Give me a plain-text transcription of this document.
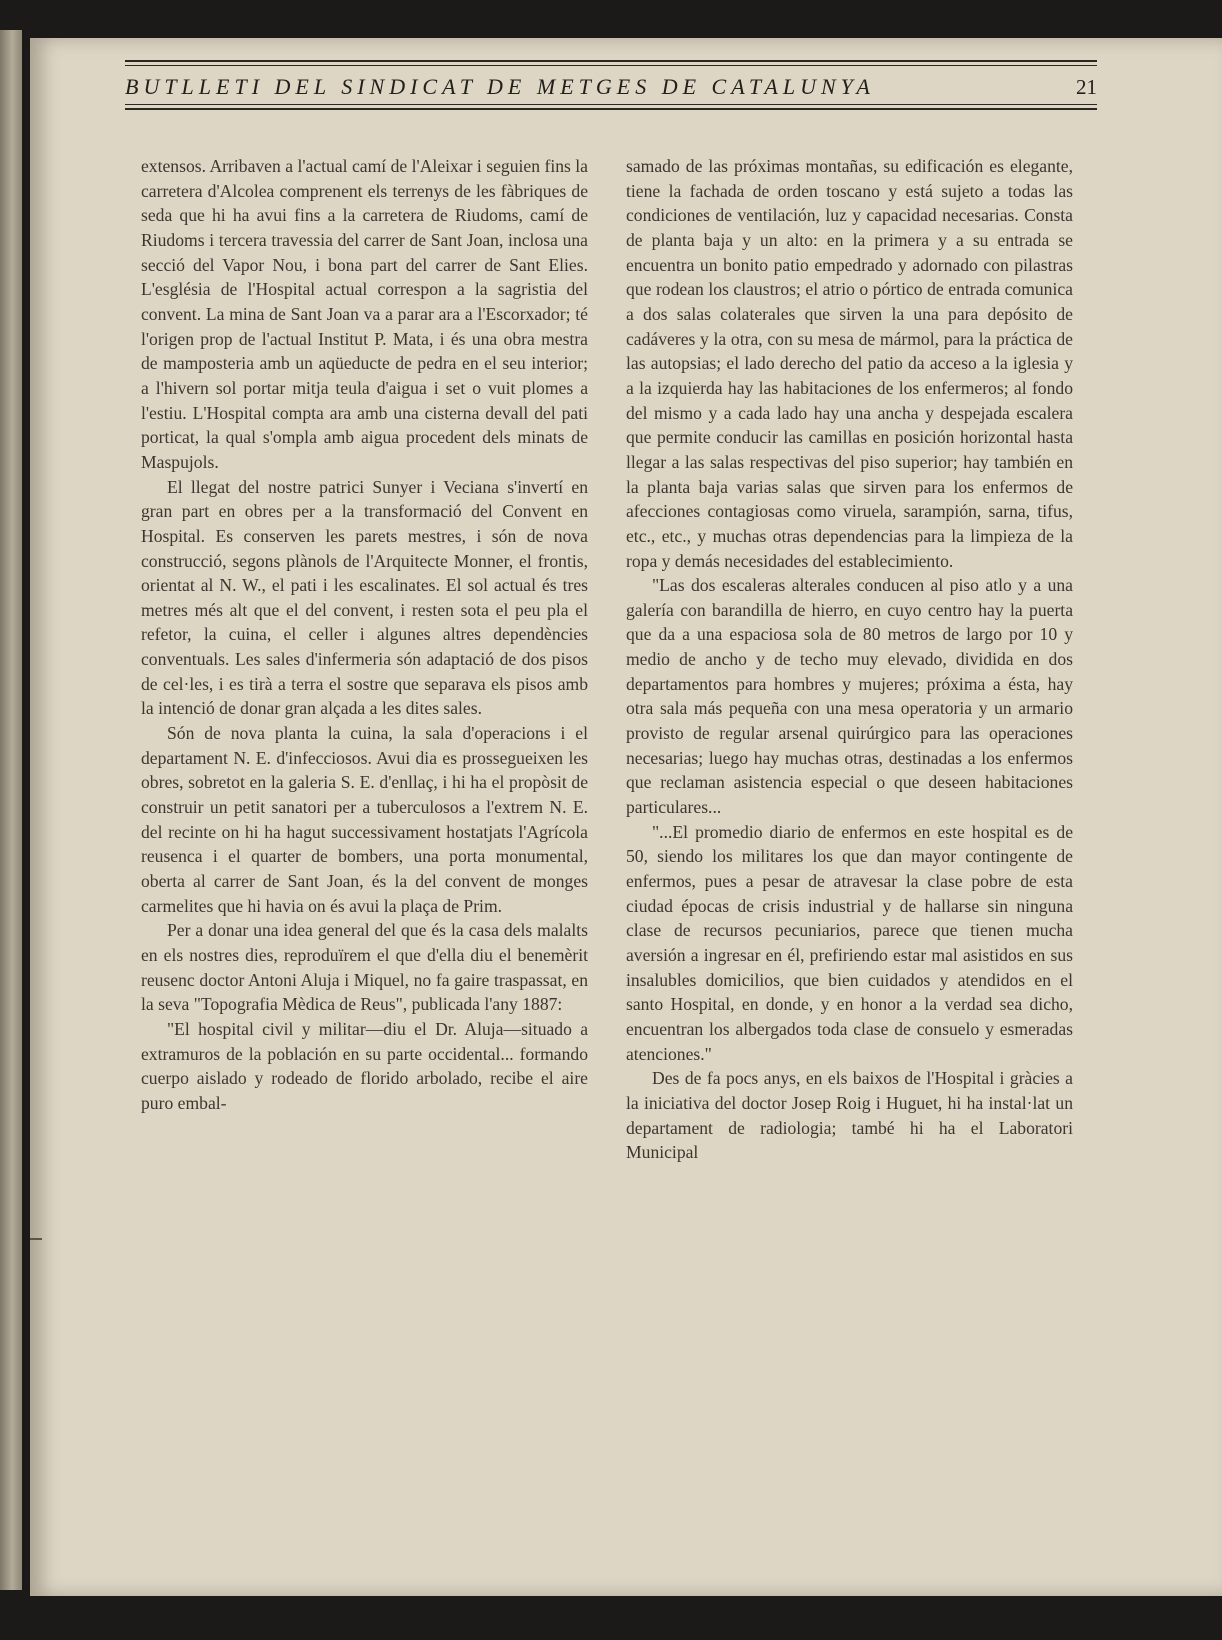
BUTLLETI DEL SINDICAT DE METGES DE CATALUNYA	21

extensos. Arribaven a l'actual camí de l'Aleixar i seguien fins la carretera d'Alcolea comprenent els terrenys de les fàbriques de seda que hi ha avui fins a la carretera de Riudoms, camí de Riudoms i tercera travessia del carrer de Sant Joan, inclosa una secció del Vapor Nou, i bona part del carrer de Sant Elies. L'església de l'Hospital actual correspon a la sagristia del convent. La mina de Sant Joan va a parar ara a l'Escorxador; té l'origen prop de l'actual Institut P. Mata, i és una obra mestra de mamposteria amb un aqüeducte de pedra en el seu interior; a l'hivern sol portar mitja teula d'aigua i set o vuit plomes a l'estiu. L'Hospital compta ara amb una cisterna devall del pati porticat, la qual s'ompla amb aigua procedent dels minats de Maspujols.

El llegat del nostre patrici Sunyer i Veciana s'invertí en gran part en obres per a la transformació del Convent en Hospital. Es conserven les parets mestres, i són de nova construcció, segons plànols de l'Arquitecte Monner, el frontis, orientat al N. W., el pati i les escalinates. El sol actual és tres metres més alt que el del convent, i resten sota el peu pla el refetor, la cuina, el celler i algunes altres dependències conventuals. Les sales d'infermeria són adaptació de dos pisos de cel·les, i es tirà a terra el sostre que separava els pisos amb la intenció de donar gran alçada a les dites sales.

Són de nova planta la cuina, la sala d'operacions i el departament N. E. d'infecciosos. Avui dia es prossegueixen les obres, sobretot en la galeria S. E. d'enllaç, i hi ha el propòsit de construir un petit sanatori per a tuberculosos a l'extrem N. E. del recinte on hi ha hagut successivament hostatjats l'Agrícola reusenca i el quarter de bombers, una porta monumental, oberta al carrer de Sant Joan, és la del convent de monges carmelites que hi havia on és avui la plaça de Prim.

Per a donar una idea general del que és la casa dels malalts en els nostres dies, reproduïrem el que d'ella diu el benemèrit reusenc doctor Antoni Aluja i Miquel, no fa gaire traspassat, en la seva "Topografia Mèdica de Reus", publicada l'any 1887:

"El hospital civil y militar—diu el Dr. Aluja—situado a extramuros de la población en su parte occidental... formando cuerpo aislado y rodeado de florido arbolado, recibe el aire puro embal-

samado de las próximas montañas, su edificación es elegante, tiene la fachada de orden toscano y está sujeto a todas las condiciones de ventilación, luz y capacidad necesarias. Consta de planta baja y un alto: en la primera y a su entrada se encuentra un bonito patio empedrado y adornado con pilastras que rodean los claustros; el atrio o pórtico de entrada comunica a dos salas colaterales que sirven la una para depósito de cadáveres y la otra, con su mesa de mármol, para la práctica de las autopsias; el lado derecho del patio da acceso a la iglesia y a la izquierda hay las habitaciones de los enfermeros; al fondo del mismo y a cada lado hay una ancha y despejada escalera que permite conducir las camillas en posición horizontal hasta llegar a las salas respectivas del piso superior; hay también en la planta baja varias salas que sirven para los enfermos de afecciones contagiosas como viruela, sarampión, sarna, tifus, etc., etc., y muchas otras dependencias para la limpieza de la ropa y demás necesidades del establecimiento.

"Las dos escaleras alterales conducen al piso atlo y a una galería con barandilla de hierro, en cuyo centro hay la puerta que da a una espaciosa sola de 80 metros de largo por 10 y medio de ancho y de techo muy elevado, dividida en dos departamentos para hombres y mujeres; próxima a ésta, hay otra sala más pequeña con una mesa operatoria y un armario provisto de regular arsenal quirúrgico para las operaciones necesarias; luego hay muchas otras, destinadas a los enfermos que reclaman asistencia especial o que deseen habitaciones particulares...

"...El promedio diario de enfermos en este hospital es de 50, siendo los militares los que dan mayor contingente de enfermos, pues a pesar de atravesar la clase pobre de esta ciudad épocas de crisis industrial y de hallarse sin ninguna clase de recursos pecuniarios, parece que tienen mucha aversión a ingresar en él, prefiriendo estar mal asistidos en sus insalubles domicilios, que bien cuidados y atendidos en el santo Hospital, en donde, y en honor a la verdad sea dicho, encuentran los albergados toda clase de consuelo y esmeradas atenciones."

Des de fa pocs anys, en els baixos de l'Hospital i gràcies a la iniciativa del doctor Josep Roig i Huguet, hi ha instal·lat un departament de radiologia; també hi ha el Laboratori Municipal
